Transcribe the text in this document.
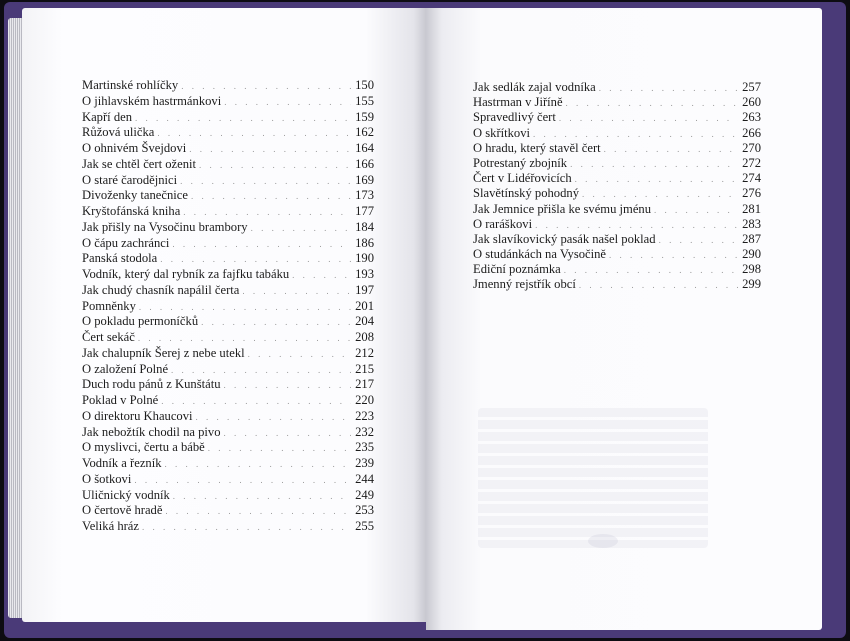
Martinské rohlíčky . . .	150
O jihlavském hastrmánkovi . . .	155
Kapří den . . .	159
Růžová ulička . . .	162
O ohnivém Švejdovi . . .	164
Jak se chtěl čert oženit . . .	166
O staré čarodějnici . . .	169
Divoženky tanečnice . . .	173
Kryštofánská kniha . . .	177
Jak přišly na Vysočinu brambory . . .	184
O čápu zachránci . . .	186
Panská stodola . . .	190
Vodník, který dal rybník za fajfku tabáku . . .	193
Jak chudý chasník napálil čerta . . .	197
Pomněnky . . .	201
O pokladu permoníčků . . .	204
Čert sekáč . . .	208
Jak chalupník Šerej z nebe utekl . . .	212
O založení Polné . . .	215
Duch rodu pánů z Kunštátu . . .	217
Poklad v Polné . . .	220
O direktoru Khaucovi . . .	223
Jak nebožtík chodil na pivo . . .	232
O myslivci, čertu a bábě . . .	235
Vodník a řezník . . .	239
O šotkovi . . .	244
Uličnický vodník . . .	249
O čertově hradě . . .	253
Veliká hráz . . .	255
Jak sedlák zajal vodníka . . .	257
Hastrman v Jiříně . . .	260
Spravedlivý čert . . .	263
O skřítkovi . . .	266
O hradu, který stavěl čert . . .	270
Potrestaný zbojník . . .	272
Čert v Lidéřovicích . . .	274
Slavětínský pohodný . . .	276
Jak Jemnice přišla ke svému jménu . . .	281
O raráškovi . . .	283
Jak slavíkovický pasák našel poklad . . .	287
O studánkách na Vysočině . . .	290
Ediční poznámka . . .	298
Jmenný rejstřík obcí . . .	299
